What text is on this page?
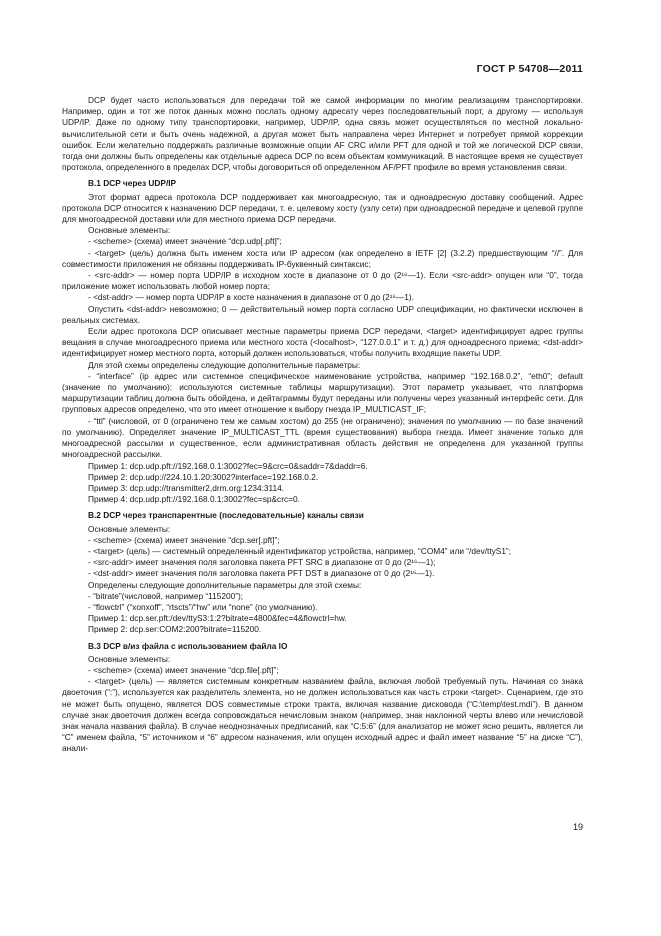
ГОСТ Р 54708—2011
DCP будет часто использоваться для передачи той же самой информации по многим реализациям транспортировки. Например, один и тот же поток данных можно послать одному адресату через последовательный порт, а другому — используя UDP/IP. Даже по одному типу транспортировки, например, UDP/IP, одна связь может осуществляться по местной локально-вычислительной сети и быть очень надежной, а другая может быть направлена через Интернет и потребует прямой коррекции ошибок. Если желательно поддержать различные возможные опции AF CRC и/или PFT для одной и той же логической DCP связи, тогда они должны быть определены как отдельные адреса DCP по всем объектам коммуникаций. В настоящее время не существует протокола, определенного в пределах DCP, чтобы договориться об определенном AF/PFT профиле во время установления связи.
В.1 DCP через UDP/IP
Этот формат адреса протокола DCP поддерживает как многоадресную, так и одноадресную доставку сообщений. Адрес протокола DCP относится к назначению DCP передачи, т. е. целевому хосту (узлу сети) при одноадресной передаче и целевой группе для многоадресной доставки или для местного приема DCP передачи.
Основные элементы:
- <scheme> (схема) имеет значение “dcp.udp[.pft]”;
- <target> (цель) должна быть именем хоста или IP адресом (как определено в IETF [2] (3.2.2) предшествующим “//”. Для совместимости приложения не обязаны поддерживать IP-буквенный синтаксис;
- <src-addr> — номер порта UDP/IP в исходном хосте в диапазоне от 0 до (2¹⁶—1). Если <src-addr> опущен или “0”, тогда приложение может использовать любой номер порта;
- <dst-addr> — номер порта UDP/IP в хосте назначения в диапазоне от 0 до (2¹⁶—1).
Опустить <dst-addr> невозможно; 0 — действительный номер порта согласно UDP спецификации, но фактически исключен в реальных системах.
Если адрес протокола DCP описывает местные параметры приема DCP передачи, <target> идентифицирует адрес группы вещания в случае многоадресного приема или местного хоста (<localhost>, “127.0.0.1” и т. д.) для одноадресного приема; <dst-addr> идентифицирует номер местного порта, который должен использоваться, чтобы получить входящие пакеты UDP.
Для этой схемы определены следующие дополнительные параметры:
- “interface” (ip адрес или системное специфическое наименование устройства, например “192.168.0.2”, “eth0”; default (значение по умолчанию): используются системные таблицы маршрутизации). Этот параметр указывает, что платформа маршрутизации таблиц должна быть обойдена, и дейтаграммы будут переданы или получены через указанный интерфейс сети. Для групповых адресов определено, что это имеет отношение к выбору гнезда IP_MULTICAST_IF;
- “ttl” (числовой, от 0 (ограничено тем же самым хостом) до 255 (не ограничено); значения по умолчанию — по базе значений по умолчанию). Определяет значение IP_MULTICAST_TTL (время существования) выбора гнезда. Имеет значение только для многоадресной рассылки и существенное, если административная область действия не определена для указанной группы многоадресной рассылки.
Пример 1: dcp.udp.pft://192.168.0.1:3002?fec=9&crc=0&saddr=7&daddr=6.
Пример 2: dcp.udp://224.10.1.20:3002?interface=192.168.0.2.
Пример 3: dcp.udp://transmitter2,drm.org:1234:3114.
Пример 4: dcp.udp.pft://192.168.0.1:3002?fec=sp&crc=0.
В.2 DCP через транспарентные (последовательные) каналы связи
Основные элементы:
- <scheme> (схема) имеет значение “dcp.ser[.pft]”;
- <target> (цель) — системный определенный идентификатор устройства, например, “COM4” или “/dev/ttyS1”;
- <src-addr> имеет значения поля заголовка пакета PFT SRC в диапазоне от 0 до (2¹⁶—1);
- <dst-addr> имеет значения поля заголовка пакета PFT DST в диапазоне от 0 до (2¹⁶—1).
Определены следующие дополнительные параметры для этой схемы:
- “bitrate”(числовой, например “115200”);
- “flowctrl” (“xonxoff”, “rtscts”/“hw” или “none” (по умолчанию).
Пример 1: dcp.ser.pft:/dev/ttyS3:1:2?bitrate=4800&fec=4&flowctrl=hw.
Пример 2: dcp.ser:COM2:200?bitrate=115200.
В.3 DCP в/из файла с использованием файла IO
Основные элементы:
- <scheme> (схема) имеет значение “dcp.file[.pft]”;
- <target> (цель) — является системным конкретным названием файла, включая любой требуемый путь. Начиная со знака двоеточия (“:”), используется как разделитель элемента, но не должен использоваться как часть строки <target>. Сценарием, где это не может быть опущено, является DOS совместимые строки тракта, включая название дисковода (“C:\temp\test.mdi”). В данном случае знак двоеточия должен всегда сопровождаться нечисловым знаком (например, знак наклонной черты влево или нечисловой знак начала названия файла). В случае неоднозначных предписаний, как “C:5:6” (для анализатор не может ясно решить, является ли “C” именем файла, “5” источником и “6” адресом назначения, или опущен исходный адрес и файл имеет название “5” на диске “C”), анали-
19
